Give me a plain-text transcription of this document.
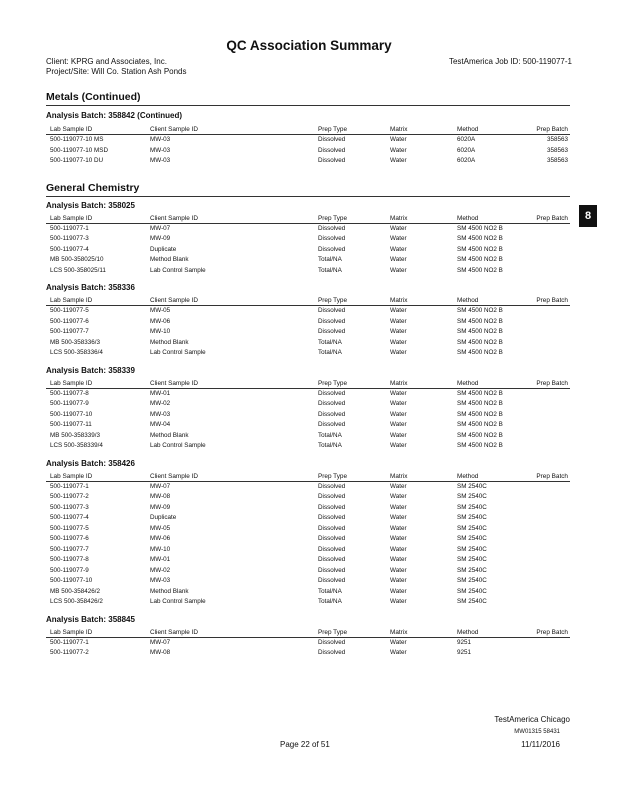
QC Association Summary
Client: KPRG and Associates, Inc.
Project/Site: Will Co. Station Ash Ponds
TestAmerica Job ID: 500-119077-1
8
Metals (Continued)
Analysis Batch: 358842 (Continued)
Lab Sample ID	Client Sample ID	Prep Type	Matrix	Method	Prep Batch
500-119077-10 MS	MW-03	Dissolved	Water	6020A	358563
500-119077-10 MSD	MW-03	Dissolved	Water	6020A	358563
500-119077-10 DU	MW-03	Dissolved	Water	6020A	358563
General Chemistry
Analysis Batch: 358025
Lab Sample ID	Client Sample ID	Prep Type	Matrix	Method	Prep Batch
500-119077-1	MW-07	Dissolved	Water	SM 4500 NO2 B
500-119077-3	MW-09	Dissolved	Water	SM 4500 NO2 B
500-119077-4	Duplicate	Dissolved	Water	SM 4500 NO2 B
MB 500-358025/10	Method Blank	Total/NA	Water	SM 4500 NO2 B
LCS 500-358025/11	Lab Control Sample	Total/NA	Water	SM 4500 NO2 B
Analysis Batch: 358336
Lab Sample ID	Client Sample ID	Prep Type	Matrix	Method	Prep Batch
500-119077-5	MW-05	Dissolved	Water	SM 4500 NO2 B
500-119077-6	MW-06	Dissolved	Water	SM 4500 NO2 B
500-119077-7	MW-10	Dissolved	Water	SM 4500 NO2 B
MB 500-358336/3	Method Blank	Total/NA	Water	SM 4500 NO2 B
LCS 500-358336/4	Lab Control Sample	Total/NA	Water	SM 4500 NO2 B
Analysis Batch: 358339
Lab Sample ID	Client Sample ID	Prep Type	Matrix	Method	Prep Batch
500-119077-8	MW-01	Dissolved	Water	SM 4500 NO2 B
500-119077-9	MW-02	Dissolved	Water	SM 4500 NO2 B
500-119077-10	MW-03	Dissolved	Water	SM 4500 NO2 B
500-119077-11	MW-04	Dissolved	Water	SM 4500 NO2 B
MB 500-358339/3	Method Blank	Total/NA	Water	SM 4500 NO2 B
LCS 500-358339/4	Lab Control Sample	Total/NA	Water	SM 4500 NO2 B
Analysis Batch: 358426
Lab Sample ID	Client Sample ID	Prep Type	Matrix	Method	Prep Batch
500-119077-1	MW-07	Dissolved	Water	SM 2540C
500-119077-2	MW-08	Dissolved	Water	SM 2540C
500-119077-3	MW-09	Dissolved	Water	SM 2540C
500-119077-4	Duplicate	Dissolved	Water	SM 2540C
500-119077-5	MW-05	Dissolved	Water	SM 2540C
500-119077-6	MW-06	Dissolved	Water	SM 2540C
500-119077-7	MW-10	Dissolved	Water	SM 2540C
500-119077-8	MW-01	Dissolved	Water	SM 2540C
500-119077-9	MW-02	Dissolved	Water	SM 2540C
500-119077-10	MW-03	Dissolved	Water	SM 2540C
MB 500-358426/2	Method Blank	Total/NA	Water	SM 2540C
LCS 500-358426/2	Lab Control Sample	Total/NA	Water	SM 2540C
Analysis Batch: 358845
Lab Sample ID	Client Sample ID	Prep Type	Matrix	Method	Prep Batch
500-119077-1	MW-07	Dissolved	Water	9251
500-119077-2	MW-08	Dissolved	Water	9251
TestAmerica Chicago
MW01315 58431
Page 22 of 51	11/11/2016
